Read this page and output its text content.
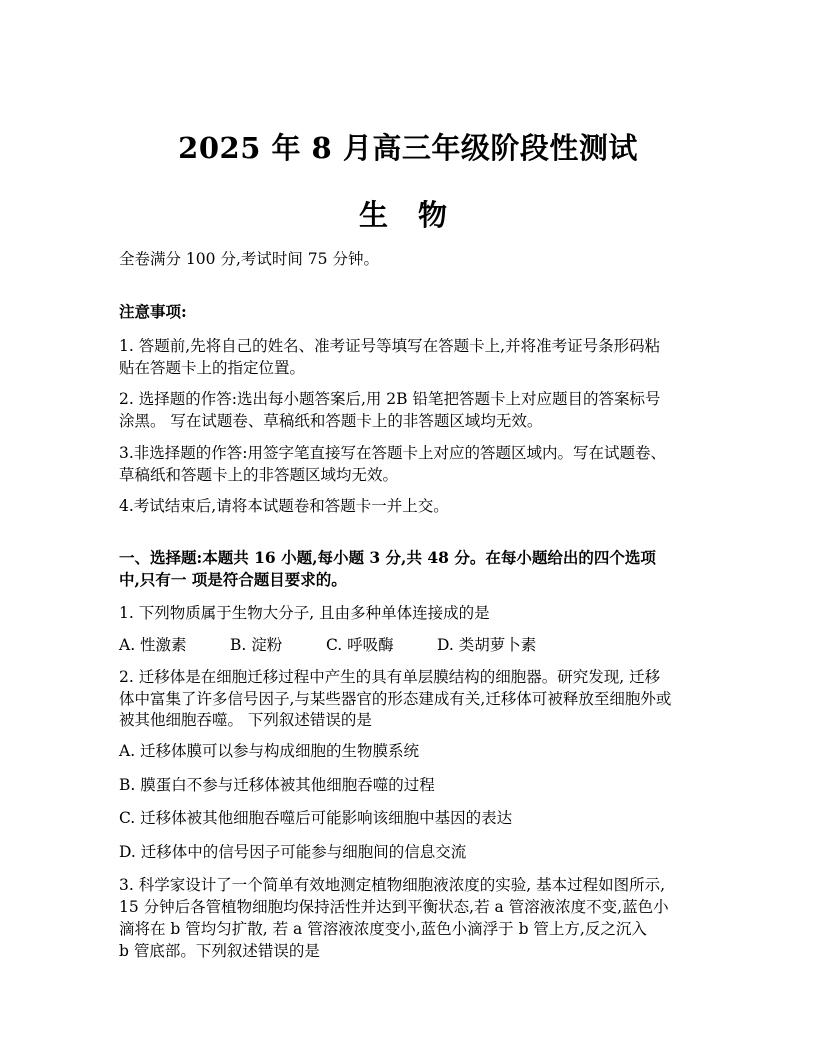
2025 年 8 月高三年级阶段性测试
生 物
全卷满分 100 分,考试时间 75 分钟。
注意事项:
1. 答题前,先将自己的姓名、准考证号等填写在答题卡上,并将准考证号条形码粘
贴在答题卡上的指定位置。
2. 选择题的作答:选出每小题答案后,用 2B 铅笔把答题卡上对应题目的答案标号
涂黑。 写在试题卷、草稿纸和答题卡上的非答题区域均无效。
3.非选择题的作答:用签字笔直接写在答题卡上对应的答题区域内。写在试题卷、
草稿纸和答题卡上的非答题区域均无效。
4.考试结束后,请将本试题卷和答题卡一并上交。
一、选择题:本题共 16 小题,每小题 3 分,共 48 分。在每小题给出的四个选项
中,只有一 项是符合题目要求的。
1. 下列物质属于生物大分子, 且由多种单体连接成的是
A. 性激素	B. 淀粉	C. 呼吸酶	D. 类胡萝卜素
2. 迁移体是在细胞迁移过程中产生的具有单层膜结构的细胞器。研究发现, 迁移
体中富集了许多信号因子,与某些器官的形态建成有关,迁移体可被释放至细胞外或
被其他细胞吞噬。 下列叙述错误的是
A. 迁移体膜可以参与构成细胞的生物膜系统
B. 膜蛋白不参与迁移体被其他细胞吞噬的过程
C. 迁移体被其他细胞吞噬后可能影响该细胞中基因的表达
D. 迁移体中的信号因子可能参与细胞间的信息交流
3. 科学家设计了一个简单有效地测定植物细胞液浓度的实验, 基本过程如图所示,
15 分钟后各管植物细胞均保持活性并达到平衡状态,若 a 管溶液浓度不变,蓝色小
滴将在 b 管均匀扩散, 若 a 管溶液浓度变小,蓝色小滴浮于 b 管上方,反之沉入
b 管底部。下列叙述错误的是
